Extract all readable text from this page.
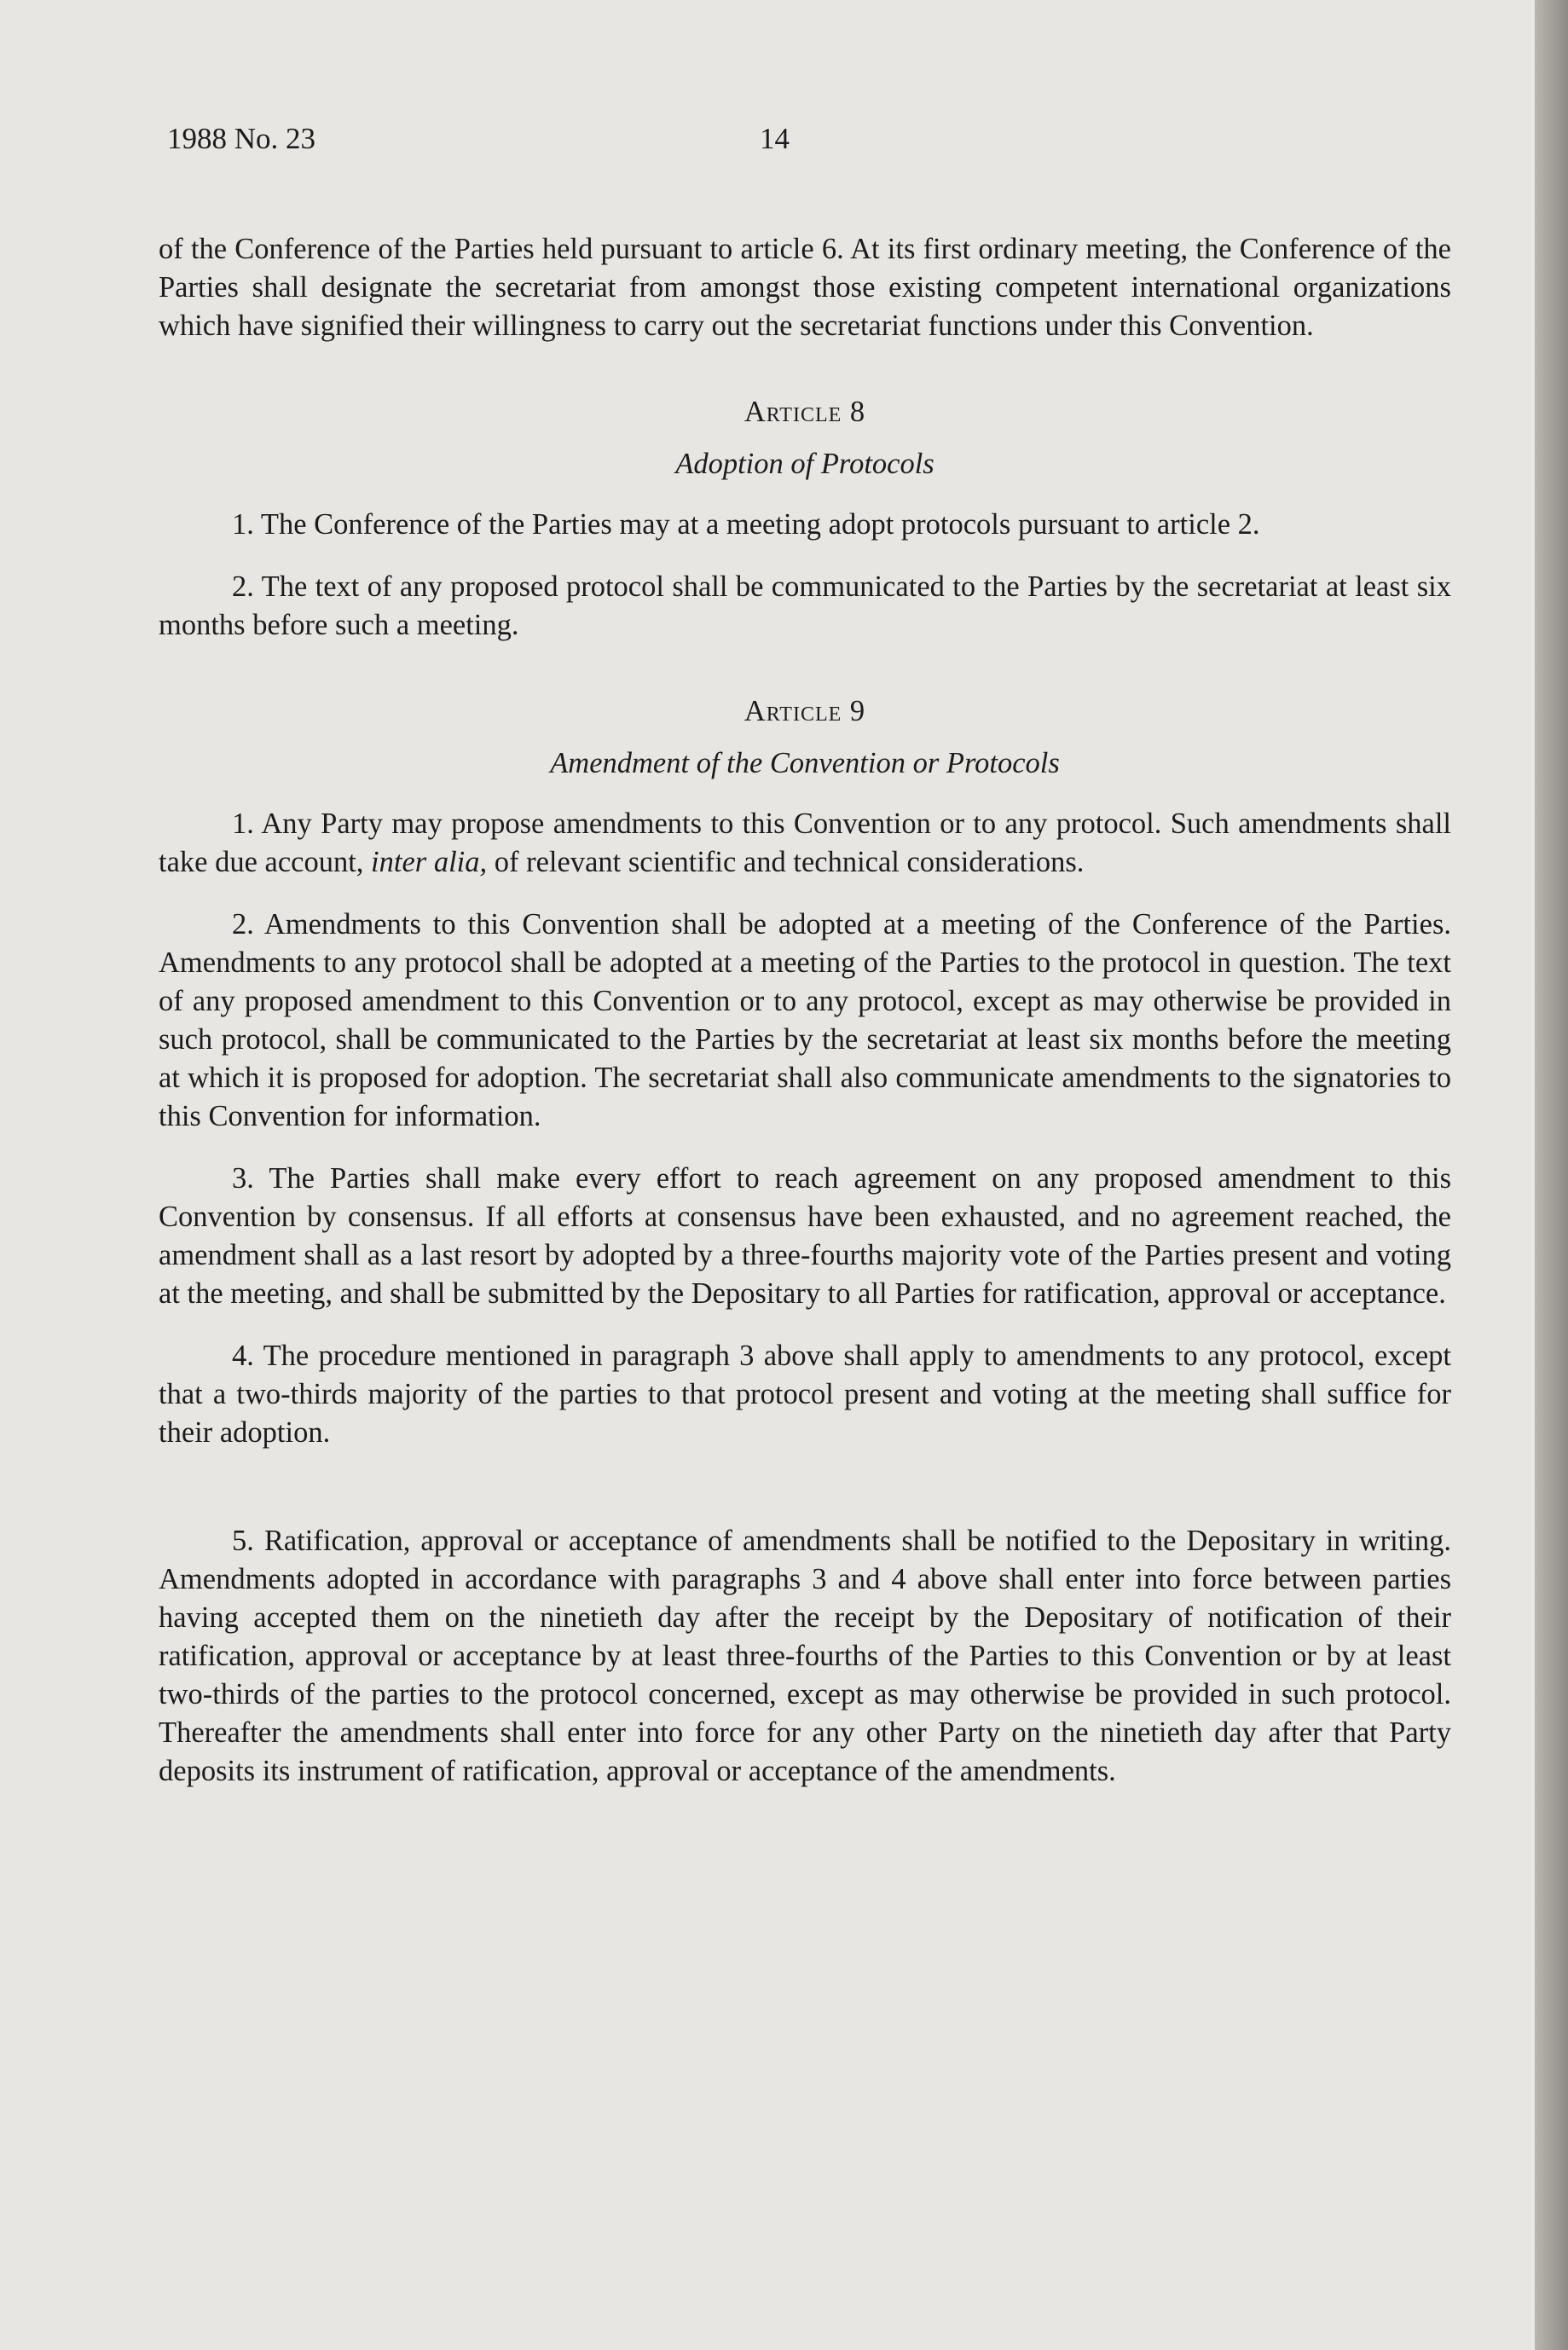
1988 No. 23	14

of the Conference of the Parties held pursuant to article 6. At its first ordinary meeting, the Conference of the Parties shall designate the secretariat from amongst those existing competent international organizations which have signified their willingness to carry out the secretariat functions under this Convention.

Article 8

Adoption of Protocols

1. The Conference of the Parties may at a meeting adopt protocols pursuant to article 2.

2. The text of any proposed protocol shall be communicated to the Parties by the secretariat at least six months before such a meeting.

Article 9

Amendment of the Convention or Protocols

1. Any Party may propose amendments to this Convention or to any protocol. Such amendments shall take due account, inter alia, of relevant scientific and technical considerations.

2. Amendments to this Convention shall be adopted at a meeting of the Conference of the Parties. Amendments to any protocol shall be adopted at a meeting of the Parties to the protocol in question. The text of any proposed amendment to this Convention or to any protocol, except as may otherwise be provided in such protocol, shall be communicated to the Parties by the secretariat at least six months before the meeting at which it is proposed for adoption. The secretariat shall also communicate amendments to the signatories to this Convention for information.

3. The Parties shall make every effort to reach agreement on any proposed amendment to this Convention by consensus. If all efforts at consensus have been exhausted, and no agreement reached, the amendment shall as a last resort by adopted by a three-fourths majority vote of the Parties present and voting at the meeting, and shall be submitted by the Depositary to all Parties for ratification, approval or acceptance.

4. The procedure mentioned in paragraph 3 above shall apply to amendments to any protocol, except that a two-thirds majority of the parties to that protocol present and voting at the meeting shall suffice for their adoption.

5. Ratification, approval or acceptance of amendments shall be notified to the Depositary in writing. Amendments adopted in accordance with paragraphs 3 and 4 above shall enter into force between parties having accepted them on the ninetieth day after the receipt by the Depositary of notification of their ratification, approval or acceptance by at least three-fourths of the Parties to this Convention or by at least two-thirds of the parties to the protocol concerned, except as may otherwise be provided in such protocol. Thereafter the amendments shall enter into force for any other Party on the ninetieth day after that Party deposits its instrument of ratification, approval or acceptance of the amendments.
